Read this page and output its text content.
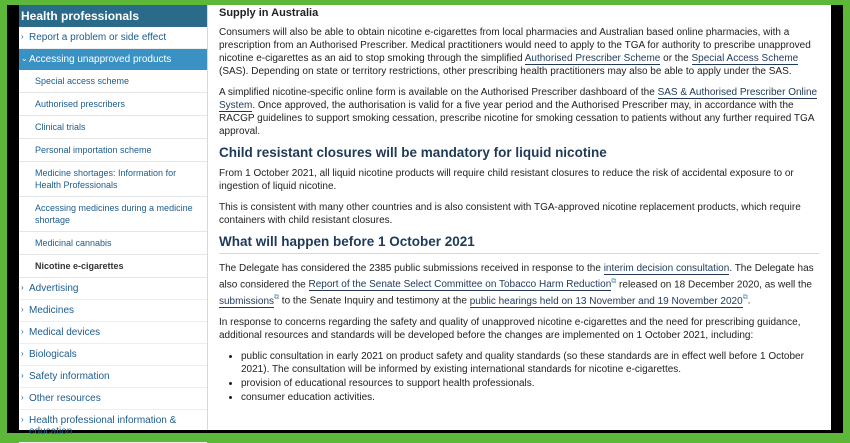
Health professionals
› Report a problem or side effect
⌄ Accessing unapproved products
Special access scheme
Authorised prescribers
Clinical trials
Personal importation scheme
Medicine shortages: Information for Health Professionals
Accessing medicines during a medicine shortage
Medicinal cannabis
Nicotine e-cigarettes
› Advertising
› Medicines
› Medical devices
› Biologicals
› Safety information
› Other resources
› Health professional information & education
Supply in Australia

Consumers will also be able to obtain nicotine e-cigarettes from local pharmacies and Australian based online pharmacies, with a prescription from an Authorised Prescriber. Medical practitioners would need to apply to the TGA for authority to prescribe unapproved nicotine e-cigarettes as an aid to stop smoking through the simplified Authorised Prescriber Scheme or the Special Access Scheme (SAS). Depending on state or territory restrictions, other prescribing health practitioners may also be able to apply under the SAS.

A simplified nicotine-specific online form is available on the Authorised Prescriber dashboard of the SAS & Authorised Prescriber Online System. Once approved, the authorisation is valid for a five year period and the Authorised Prescriber may, in accordance with the RACGP guidelines to support smoking cessation, prescribe nicotine for smoking cessation to patients without any further required TGA approval.

Child resistant closures will be mandatory for liquid nicotine

From 1 October 2021, all liquid nicotine products will require child resistant closures to reduce the risk of accidental exposure to or ingestion of liquid nicotine.

This is consistent with many other countries and is also consistent with TGA-approved nicotine replacement products, which require containers with child resistant closures.

What will happen before 1 October 2021

The Delegate has considered the 2385 public submissions received in response to the interim decision consultation. The Delegate has also considered the Report of the Senate Select Committee on Tobacco Harm Reduction⧉ released on 18 December 2020, as well the submissions⧉ to the Senate Inquiry and testimony at the public hearings held on 13 November and 19 November 2020⧉.

In response to concerns regarding the safety and quality of unapproved nicotine e-cigarettes and the need for prescribing guidance, additional resources and standards will be developed before the changes are implemented on 1 October 2021, including:

• public consultation in early 2021 on product safety and quality standards (so these standards are in effect well before 1 October 2021). The consultation will be informed by existing international standards for nicotine e-cigarettes.
• provision of educational resources to support health professionals.
• consumer education activities.
